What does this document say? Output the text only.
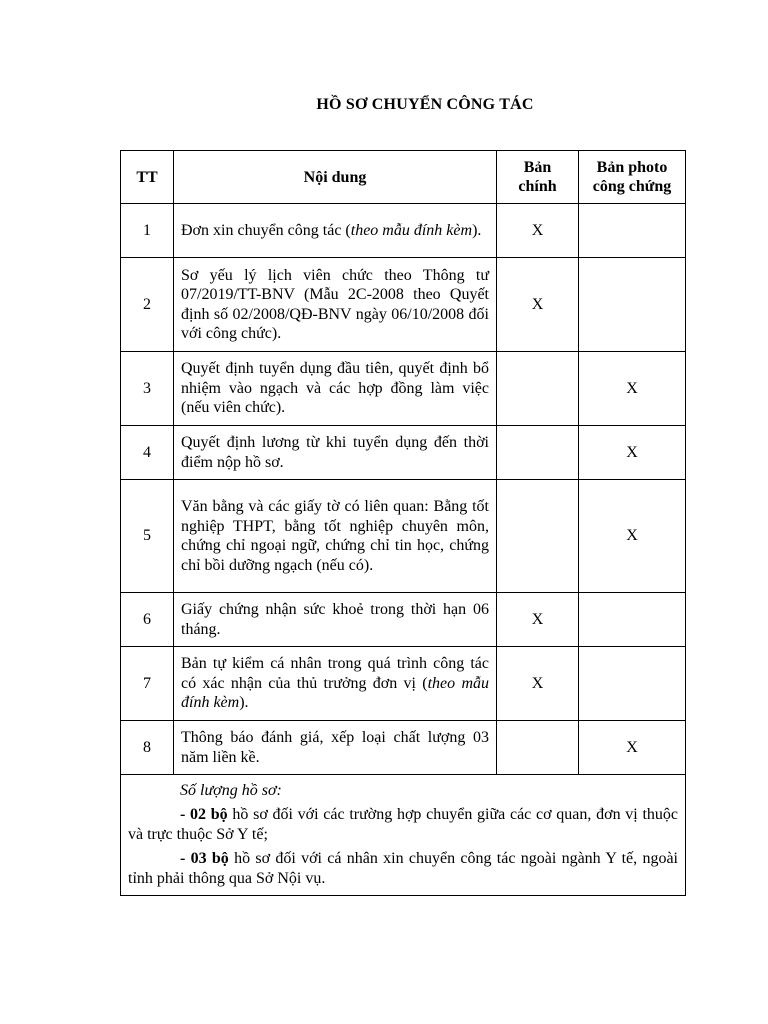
HỒ SƠ CHUYỂN CÔNG TÁC
TT	Nội dung	Bản chính	Bản photo công chứng
1	Đơn xin chuyển công tác (theo mẫu đính kèm).	X	
2	Sơ yếu lý lịch viên chức theo Thông tư 07/2019/TT-BNV (Mẫu 2C-2008 theo Quyết định số 02/2008/QĐ-BNV ngày 06/10/2008 đối với công chức).	X	
3	Quyết định tuyển dụng đầu tiên, quyết định bổ nhiệm vào ngạch và các hợp đồng làm việc (nếu viên chức).		X
4	Quyết định lương từ khi tuyển dụng đến thời điểm nộp hồ sơ.		X
5	Văn bằng và các giấy tờ có liên quan: Bằng tốt nghiệp THPT, bằng tốt nghiệp chuyên môn, chứng chỉ ngoại ngữ, chứng chỉ tin học, chứng chỉ bồi dưỡng ngạch (nếu có).		X
6	Giấy chứng nhận sức khoẻ trong thời hạn 06 tháng.	X	
7	Bản tự kiểm cá nhân trong quá trình công tác có xác nhận của thủ trưởng đơn vị (theo mẫu đính kèm).	X	
8	Thông báo đánh giá, xếp loại chất lượng 03 năm liền kề.		X

Số lượng hồ sơ:

- 02 bộ hồ sơ đối với các trường hợp chuyển giữa các cơ quan, đơn vị thuộc và trực thuộc Sở Y tế;

- 03 bộ hồ sơ đối với cá nhân xin chuyển công tác ngoài ngành Y tế, ngoài tỉnh phải thông qua Sở Nội vụ.			
